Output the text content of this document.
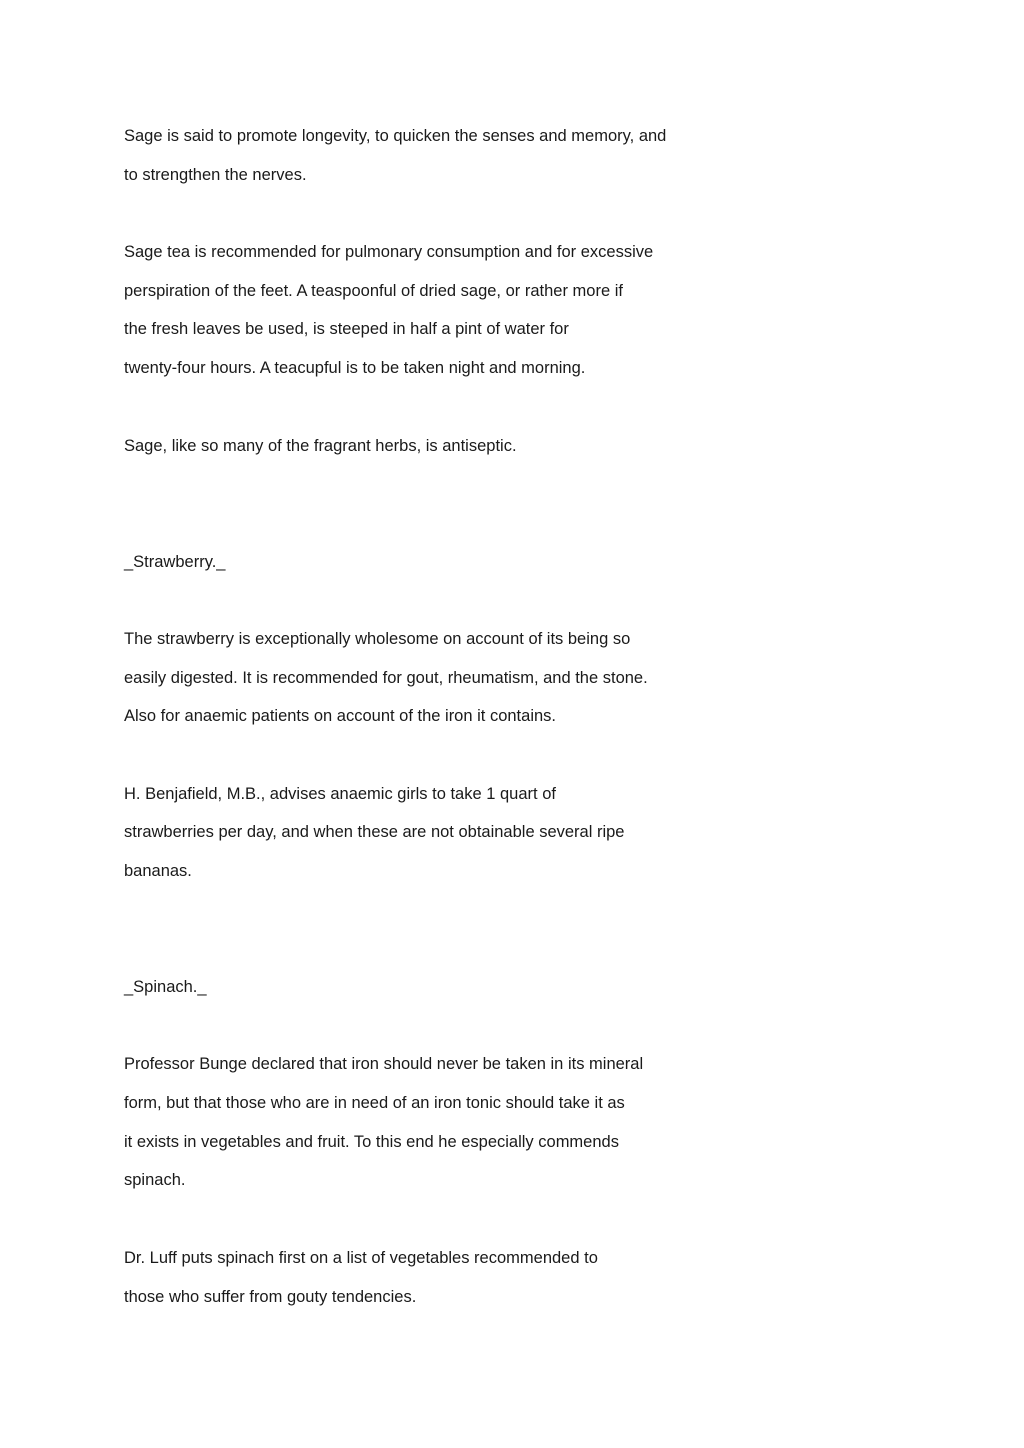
Sage is said to promote longevity, to quicken the senses and memory, and

to strengthen the nerves.

Sage tea is recommended for pulmonary consumption and for excessive

perspiration of the feet. A teaspoonful of dried sage, or rather more if

the fresh leaves be used, is steeped in half a pint of water for

twenty-four hours. A teacupful is to be taken night and morning.

Sage, like so many of the fragrant herbs, is antiseptic.

_Strawberry._

The strawberry is exceptionally wholesome on account of its being so

easily digested. It is recommended for gout, rheumatism, and the stone.

Also for anaemic patients on account of the iron it contains.

H. Benjafield, M.B., advises anaemic girls to take 1 quart of

strawberries per day, and when these are not obtainable several ripe

bananas.

_Spinach._

Professor Bunge declared that iron should never be taken in its mineral

form, but that those who are in need of an iron tonic should take it as

it exists in vegetables and fruit. To this end he especially commends

spinach.

Dr. Luff puts spinach first on a list of vegetables recommended to

those who suffer from gouty tendencies.
